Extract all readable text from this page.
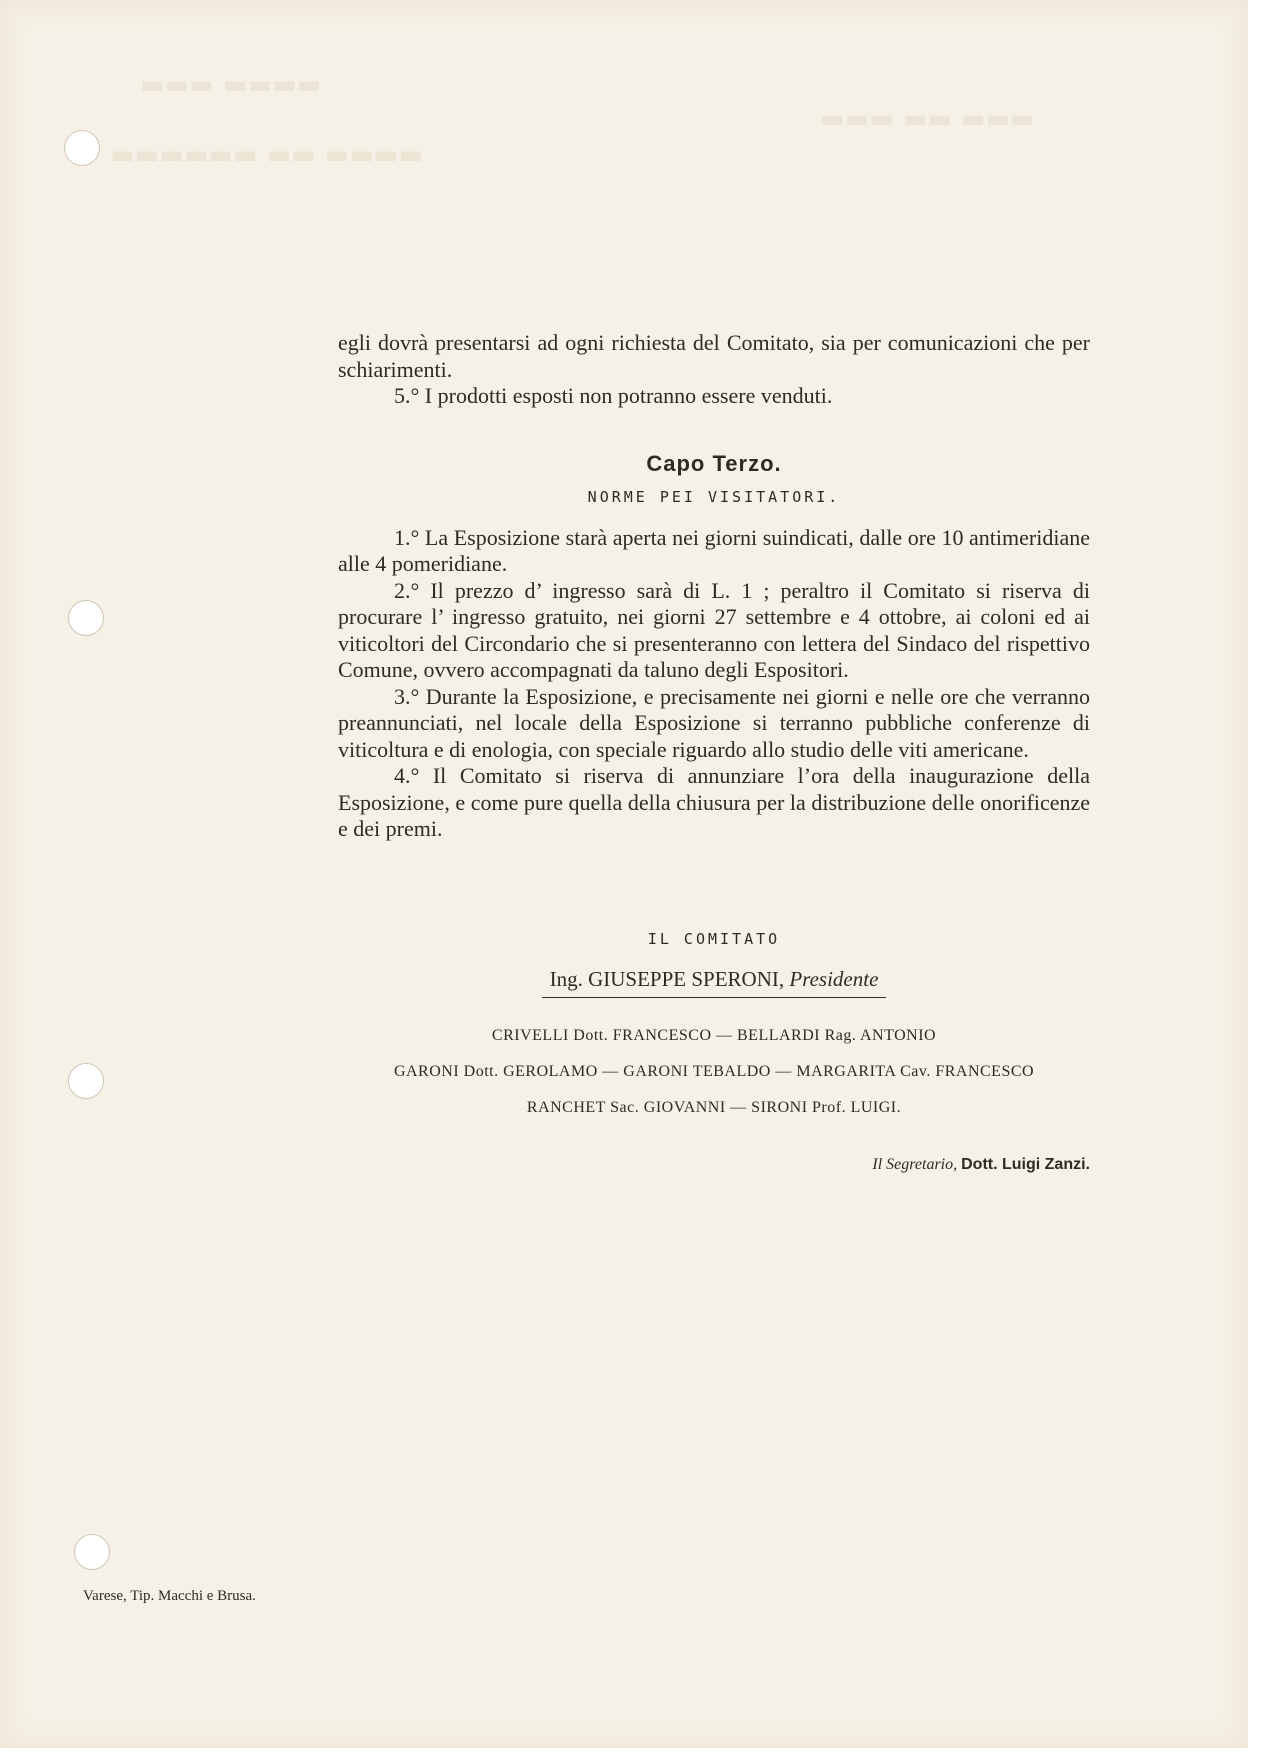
▬▬▬ ▬▬▬▬
▬▬▬▬▬▬ ▬▬ ▬▬▬▬
▬▬▬ ▬▬ ▬▬▬

egli dovrà presentarsi ad ogni richiesta del Comitato, sia per comunicazioni che per schiarimenti.

5.° I prodotti esposti non potranno essere venduti.

Capo Terzo.
NORME PEI VISITATORI.

1.° La Esposizione starà aperta nei giorni suindicati, dalle ore 10 antimeridiane alle 4 pomeridiane.

2.° Il prezzo d’ ingresso sarà di L. 1 ; peraltro il Comitato si riserva di procurare l’ ingresso gratuito, nei giorni 27 settembre e 4 ottobre, ai coloni ed ai viticoltori del Circondario che si presenteranno con lettera del Sindaco del rispettivo Comune, ovvero accompagnati da taluno degli Espositori.

3.° Durante la Esposizione, e precisamente nei giorni e nelle ore che verranno preannunciati, nel locale della Esposizione si terranno pubbliche conferenze di viticoltura e di enologia, con speciale riguardo allo studio delle viti americane.

4.° Il Comitato si riserva di annunziare l’ora della inaugurazione della Esposizione, e come pure quella della chiusura per la distribuzione delle onorificenze e dei premi.

IL COMITATO
Ing. GIUSEPPE SPERONI, Presidente
CRIVELLI Dott. FRANCESCO — BELLARDI Rag. ANTONIO
GARONI Dott. GEROLAMO — GARONI TEBALDO — MARGARITA Cav. FRANCESCO
RANCHET Sac. GIOVANNI — SIRONI Prof. LUIGI.
Il Segretario, Dott. Luigi Zanzi.
Varese, Tip. Macchi e Brusa.
